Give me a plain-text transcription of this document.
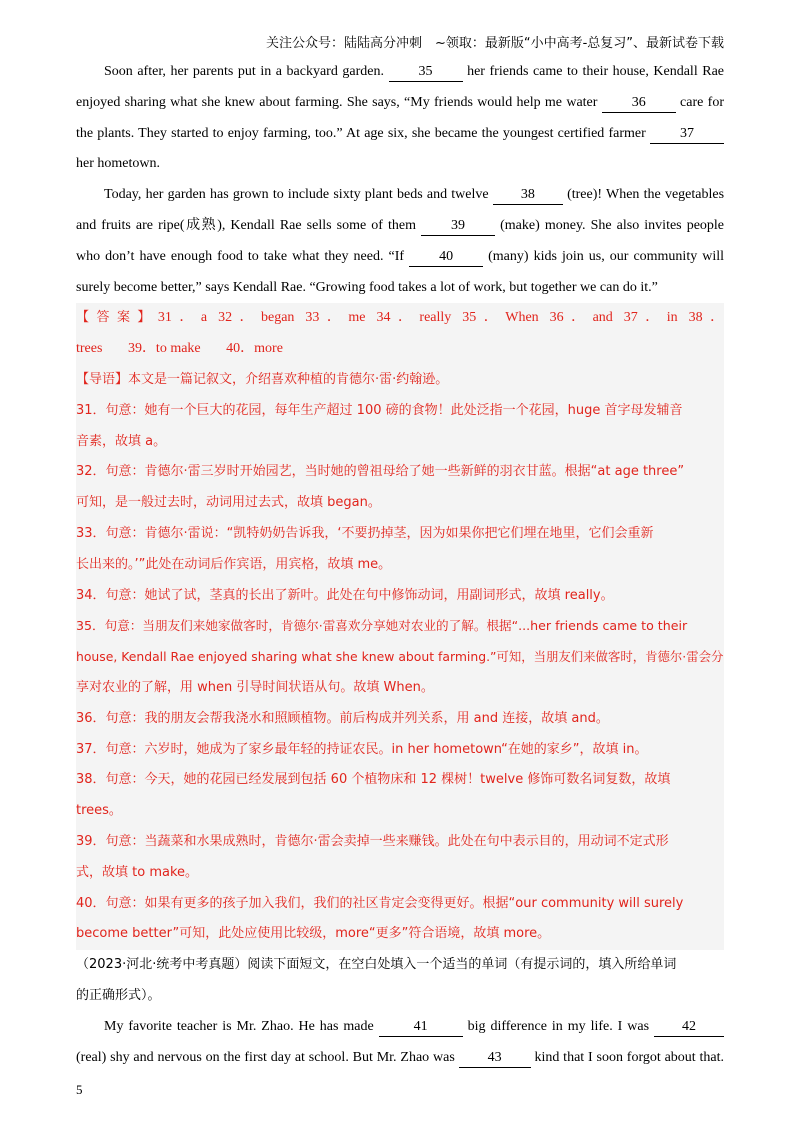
关注公众号：陆陆高分冲刺　~领取：最新版“小中高考-总复习”、最新试卷下载
Soon after, her parents put in a backyard garden. 35 her friends came to their house, Kendall Rae
enjoyed sharing what she knew about farming. She says, “My friends would help me water 36 care for
the plants. They started to enjoy farming, too.” At age six, she became the youngest certified farmer 37
her hometown.
Today, her garden has grown to include sixty plant beds and twelve 38 (tree)! When the vegetables
and fruits are ripe(成熟), Kendall Rae sells some of them	39	(make) money. She also invites people
who don’t have enough food to take what they need. “If	40	(many) kids join us, our community will
surely become better,” says Kendall Rae. “Growing food takes a lot of work, but together we can do it.”
【答案】31．a 32．began 33．me 34．really 35．When 36．and 37．in 38．
trees 39．to make 40．more
【导语】本文是一篇记叙文，介绍喜欢种植的肯德尔·雷·约翰逊。
31．句意：她有一个巨大的花园，每年生产超过 100 磅的食物！此处泛指一个花园，huge 首字母发辅音
音素，故填 a。
32．句意：肯德尔·雷三岁时开始园艺，当时她的曾祖母给了她一些新鲜的羽衣甘蓝。根据“at age three”
可知，是一般过去时，动词用过去式，故填 began。
33．句意：肯德尔·雷说：“凯特奶奶告诉我，‘不要扔掉茎，因为如果你把它们埋在地里，它们会重新
长出来的。’”此处在动词后作宾语，用宾格，故填 me。
34．句意：她试了试，茎真的长出了新叶。此处在句中修饰动词，用副词形式，故填 really。
35．句意：当朋友们来她家做客时，肯德尔·雷喜欢分享她对农业的了解。根据“...her friends came to their
house, Kendall Rae enjoyed sharing what she knew about farming.”可知，当朋友们来做客时，肯德尔·雷会分
享对农业的了解，用 when 引导时间状语从句。故填 When。
36．句意：我的朋友会帮我浇水和照顾植物。前后构成并列关系，用 and 连接，故填 and。
37．句意：六岁时，她成为了家乡最年轻的持证农民。in her hometown“在她的家乡”，故填 in。
38．句意：今天，她的花园已经发展到包括 60 个植物床和 12 棵树！twelve 修饰可数名词复数，故填
trees。
39．句意：当蔬菜和水果成熟时，肯德尔·雷会卖掉一些来赚钱。此处在句中表示目的，用动词不定式形
式，故填 to make。
40．句意：如果有更多的孩子加入我们，我们的社区肯定会变得更好。根据“our community will surely
become better”可知，此处应使用比较级，more“更多”符合语境，故填 more。
（2023·河北·统考中考真题）阅读下面短文，在空白处填入一个适当的单词（有提示词的，填入所给单词
的正确形式）。
My favorite teacher is Mr. Zhao. He has made	41	big difference in my life. I was 42
(real) shy and nervous on the first day at school. But Mr. Zhao was 43 kind that I soon forgot about that.
5
